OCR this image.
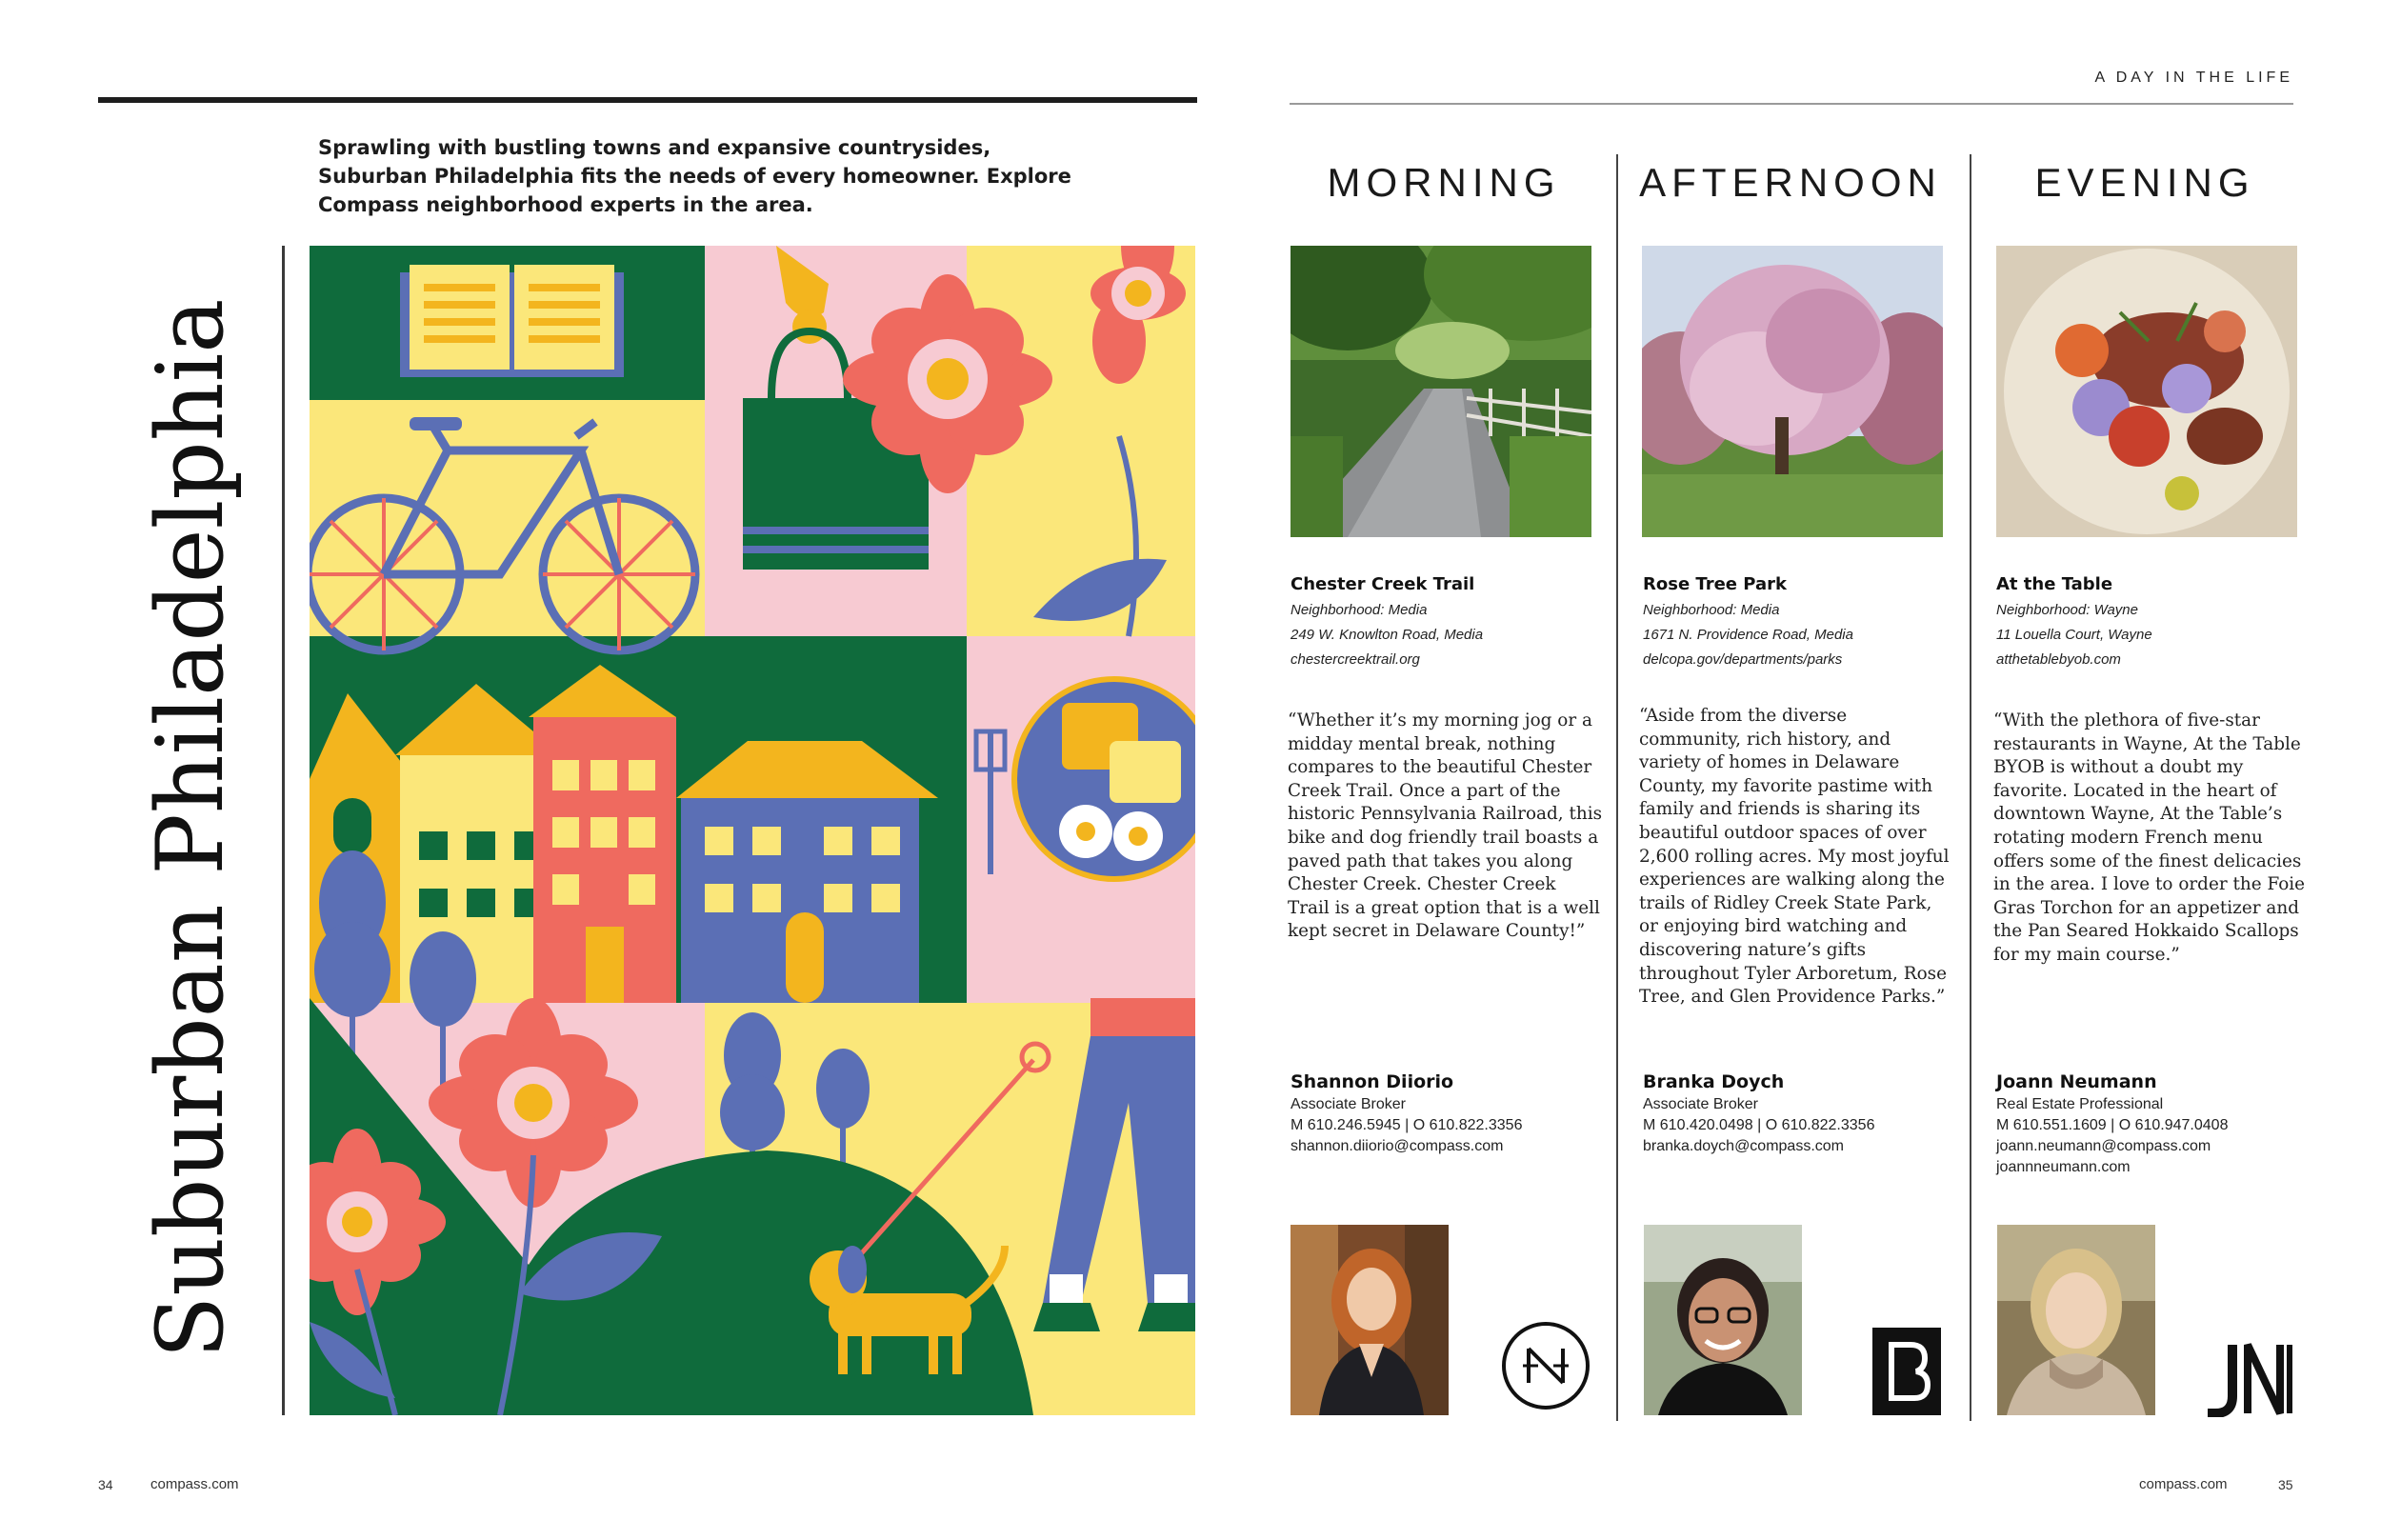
Sprawling with bustling towns and expansive countrysides, Suburban Philadelphia fits the needs of every homeowner. Explore Compass neighborhood experts in the area.
Suburban Philadelphia
34	compass.com
A DAY IN THE LIFE
MORNING
Chester Creek Trail
Neighborhood: Media
249 W. Knowlton Road, Media
chestercreektrail.org
“Whether it’s my morning jog or a midday mental break, nothing compares to the beautiful Chester Creek Trail. Once a part of the historic Pennsylvania Railroad, this bike and dog friendly trail boasts a paved path that takes you along Chester Creek. Chester Creek Trail is a great option that is a well kept secret in Delaware County!”
Shannon Diiorio
Associate Broker
M 610.246.5945 | O 610.822.3356
shannon.diiorio@compass.com
AFTERNOON
Rose Tree Park
Neighborhood: Media
1671 N. Providence Road, Media
delcopa.gov/departments/parks
“Aside from the diverse community, rich history, and variety of homes in Delaware County, my favorite pastime with family and friends is sharing its beautiful outdoor spaces of over 2,600 rolling acres. My most joyful experiences are walking along the trails of Ridley Creek State Park, or enjoying bird watching and discovering nature’s gifts throughout Tyler Arboretum, Rose Tree, and Glen Providence Parks.”
Branka Doych
Associate Broker
M 610.420.0498 | O 610.822.3356
branka.doych@compass.com
EVENING
At the Table
Neighborhood: Wayne
11 Louella Court, Wayne
atthetablebyob.com
“With the plethora of five-star restaurants in Wayne, At the Table BYOB is without a doubt my favorite. Located in the heart of downtown Wayne, At the Table’s rotating modern French menu offers some of the finest delicacies in the area. I love to order the Foie Gras Torchon for an appetizer and the Pan Seared Hokkaido Scallops for my main course.”
Joann Neumann
Real Estate Professional
M 610.551.1609 | O 610.947.0408
joann.neumann@compass.com
joannneumann.com
compass.com	35
